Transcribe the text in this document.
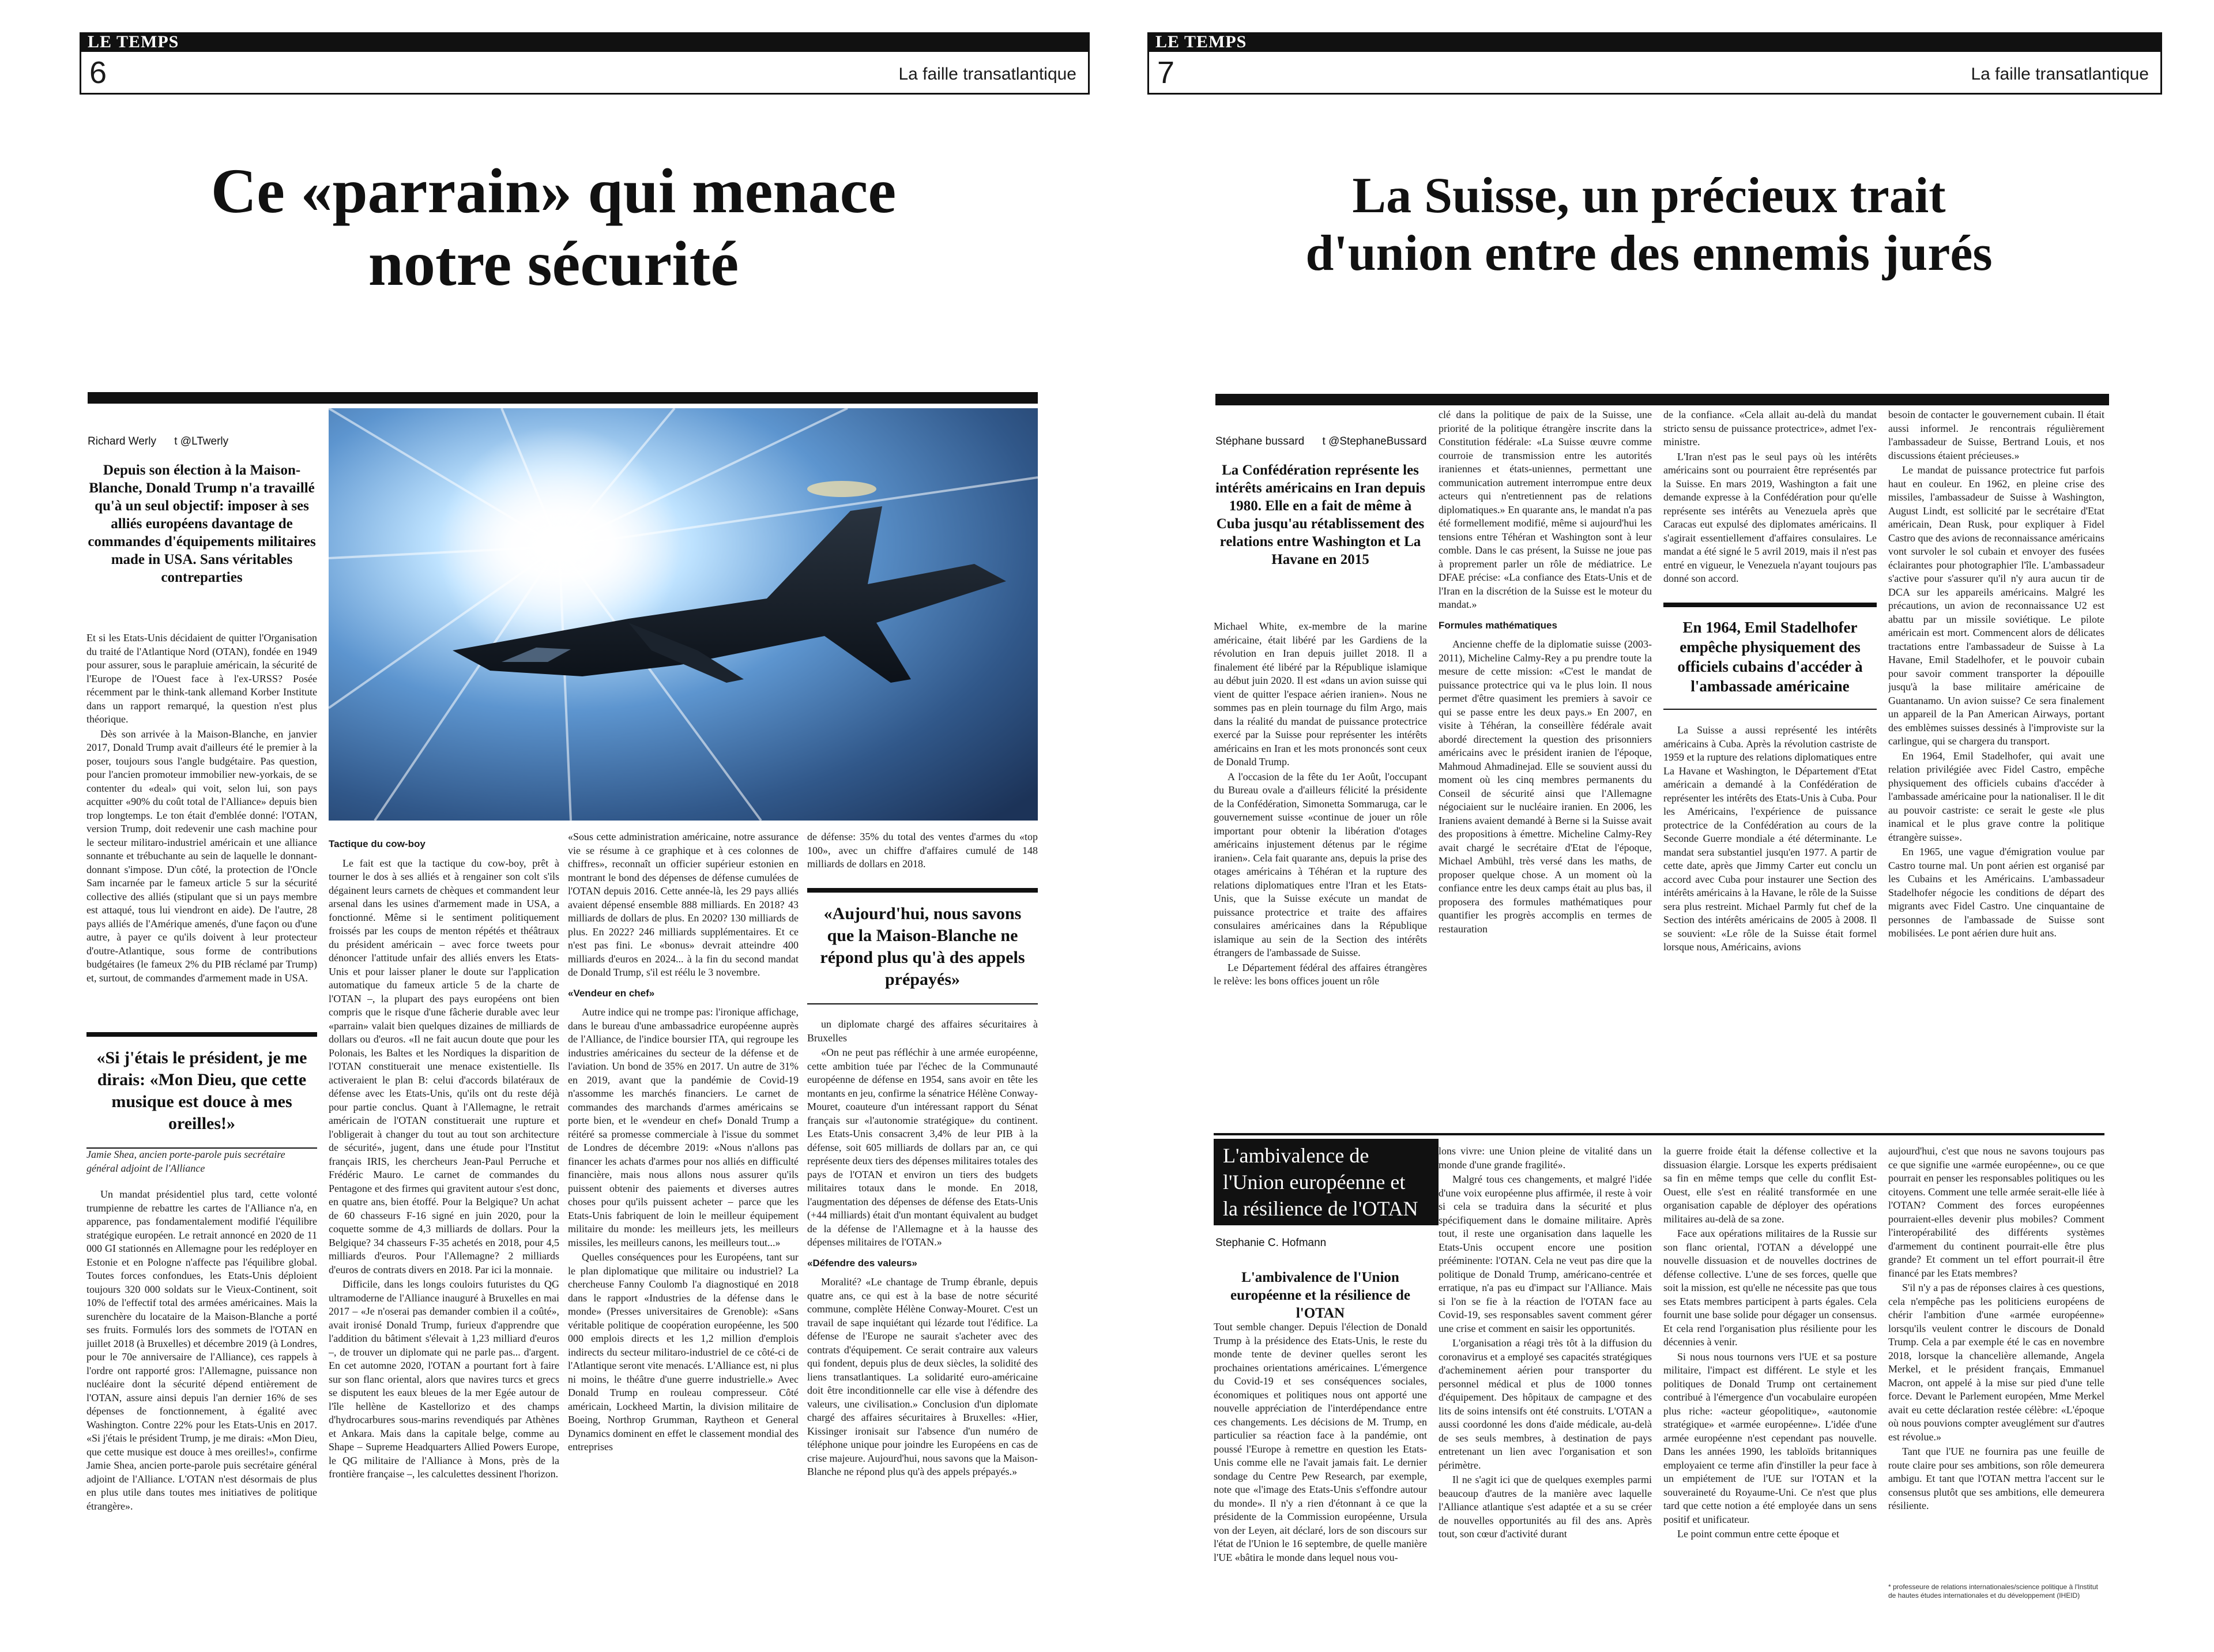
LE TEMPS
6	La faille transatlantique
Ce «parrain» qui menace
notre sécurité
Richard Werly t @LTwerly
Depuis son élection à la Maison-Blanche, Donald Trump n'a travaillé qu'à un seul objectif: imposer à ses alliés européens davantage de commandes d'équipements militaires made in USA. Sans véritables contreparties

Et si les Etats-Unis décidaient de quitter l'Organisation du traité de l'Atlantique Nord (OTAN), fondée en 1949 pour assurer, sous le parapluie américain, la sécurité de l'Europe de l'Ouest face à l'ex-URSS? Posée récemment par le think-tank allemand Korber Institute dans un rapport remarqué, la question n'est plus théorique.

Dès son arrivée à la Maison-Blanche, en janvier 2017, Donald Trump avait d'ailleurs été le premier à la poser, toujours sous l'angle budgétaire. Pas question, pour l'ancien promoteur immobilier new-yorkais, de se contenter du «deal» qui voit, selon lui, son pays acquitter «90% du coût total de l'Alliance» depuis bien trop longtemps. Le ton était d'emblée donné: l'OTAN, version Trump, doit redevenir une cash machine pour le secteur militaro-industriel américain et une alliance sonnante et trébuchante au sein de laquelle le donnant-donnant s'impose. D'un côté, la protection de l'Oncle Sam incarnée par le fameux article 5 sur la sécurité collective des alliés (stipulant que si un pays membre est attaqué, tous lui viendront en aide). De l'autre, 28 pays alliés de l'Amérique amenés, d'une façon ou d'une autre, à payer ce qu'ils doivent à leur protecteur d'outre-Atlantique, sous forme de contributions budgétaires (le fameux 2% du PIB réclamé par Trump) et, surtout, de commandes d'armement made in USA.

«Si j'étais le président, je me dirais: «Mon Dieu, que cette musique est douce à mes oreilles!»
Jamie Shea, ancien porte-parole puis secrétaire général adjoint de l'Alliance

Un mandat présidentiel plus tard, cette volonté trumpienne de rebattre les cartes de l'Alliance n'a, en apparence, pas fondamentalement modifié l'équilibre stratégique européen. Le retrait annoncé en 2020 de 11 000 GI stationnés en Allemagne pour les redéployer en Estonie et en Pologne n'affecte pas l'équilibre global. Toutes forces confondues, les Etats-Unis déploient toujours 320 000 soldats sur le Vieux-Continent, soit 10% de l'effectif total des armées américaines. Mais la surenchère du locataire de la Maison-Blanche a porté ses fruits. Formulés lors des sommets de l'OTAN en juillet 2018 (à Bruxelles) et décembre 2019 (à Londres, pour le 70e anniversaire de l'Alliance), ces rappels à l'ordre ont rapporté gros: l'Allemagne, puissance non nucléaire dont la sécurité dépend entièrement de l'OTAN, assure ainsi depuis l'an dernier 16% de ses dépenses de fonctionnement, à égalité avec Washington. Contre 22% pour les Etats-Unis en 2017. «Si j'étais le président Trump, je me dirais: «Mon Dieu, que cette musique est douce à mes oreilles!», confirme Jamie Shea, ancien porte-parole puis secrétaire général adjoint de l'Alliance. L'OTAN n'est désormais de plus en plus utile dans toutes mes initiatives de politique étrangère».

Tactique du cow-boy

Le fait est que la tactique du cow-boy, prêt à tourner le dos à ses alliés et à rengainer son colt s'ils dégainent leurs carnets de chèques et commandent leur arsenal dans les usines d'armement made in USA, a fonctionné. Même si le sentiment politiquement froissés par les coups de menton répétés et théâtraux du président américain – avec force tweets pour dénoncer l'attitude unfair des alliés envers les Etats-Unis et pour laisser planer le doute sur l'application automatique du fameux article 5 de la charte de l'OTAN –, la plupart des pays européens ont bien compris que le risque d'une fâcherie durable avec leur «parrain» valait bien quelques dizaines de milliards de dollars ou d'euros. «Il ne fait aucun doute que pour les Polonais, les Baltes et les Nordiques la disparition de l'OTAN constituerait une menace existentielle. Ils activeraient le plan B: celui d'accords bilatéraux de défense avec les Etats-Unis, qu'ils ont du reste déjà pour partie conclus. Quant à l'Allemagne, le retrait américain de l'OTAN constituerait une rupture et l'obligerait à changer du tout au tout son architecture de sécurité», jugent, dans une étude pour l'Institut français IRIS, les chercheurs Jean-Paul Perruche et Frédéric Mauro. Le carnet de commandes du Pentagone et des firmes qui gravitent autour s'est donc, en quatre ans, bien étoffé. Pour la Belgique? Un achat de 60 chasseurs F-16 signé en juin 2020, pour la coquette somme de 4,3 milliards de dollars. Pour la Belgique? 34 chasseurs F-35 achetés en 2018, pour 4,5 milliards d'euros. Pour l'Allemagne? 2 milliards d'euros de contrats divers en 2018. Par ici la monnaie.

Difficile, dans les longs couloirs futuristes du QG ultramoderne de l'Alliance inauguré à Bruxelles en mai 2017 – «Je n'oserai pas demander combien il a coûté», avait ironisé Donald Trump, furieux d'apprendre que l'addition du bâtiment s'élevait à 1,23 milliard d'euros –, de trouver un diplomate qui ne parle pas... d'argent. En cet automne 2020, l'OTAN a pourtant fort à faire sur son flanc oriental, alors que navires turcs et grecs se disputent les eaux bleues de la mer Egée autour de l'île hellène de Kastellorizo et des champs d'hydrocarbures sous-marins revendiqués par Athènes et Ankara. Mais dans la capitale belge, comme au Shape – Supreme Headquarters Allied Powers Europe, le QG militaire de l'Alliance à Mons, près de la frontière française –, les calculettes dessinent l'horizon.

«Sous cette administration américaine, notre assurance vie se résume à ce graphique et à ces colonnes de chiffres», reconnaît un officier supérieur estonien en montrant le bond des dépenses de défense cumulées de l'OTAN depuis 2016. Cette année-là, les 29 pays alliés avaient dépensé ensemble 888 milliards. En 2018? 43 milliards de dollars de plus. En 2020? 130 milliards de plus. En 2022? 246 milliards supplémentaires. Et ce n'est pas fini. Le «bonus» devrait atteindre 400 milliards d'euros en 2024... à la fin du second mandat de Donald Trump, s'il est réélu le 3 novembre.

«Vendeur en chef»

Autre indice qui ne trompe pas: l'ironique affichage, dans le bureau d'une ambassadrice européenne auprès de l'Alliance, de l'indice boursier ITA, qui regroupe les industries américaines du secteur de la défense et de l'aviation. Un bond de 35% en 2017. Un autre de 31% en 2019, avant que la pandémie de Covid-19 n'assomme les marchés financiers. Le carnet de commandes des marchands d'armes américains se porte bien, et le «vendeur en chef» Donald Trump a réitéré sa promesse commerciale à l'issue du sommet de Londres de décembre 2019: «Nous n'allons pas financer les achats d'armes pour nos alliés en difficulté financière, mais nous allons nous assurer qu'ils puissent obtenir des paiements et diverses autres choses pour qu'ils puissent acheter – parce que les Etats-Unis fabriquent de loin le meilleur équipement militaire du monde: les meilleurs jets, les meilleurs missiles, les meilleurs canons, les meilleurs tout...»

Quelles conséquences pour les Européens, tant sur le plan diplomatique que militaire ou industriel? La chercheuse Fanny Coulomb l'a diagnostiqué en 2018 dans le rapport «Industries de la défense dans le monde» (Presses universitaires de Grenoble): «Sans véritable politique de coopération européenne, les 500 000 emplois directs et les 1,2 million d'emplois indirects du secteur militaro-industriel de ce côté-ci de l'Atlantique seront vite menacés. L'Alliance est, ni plus ni moins, le théâtre d'une guerre industrielle.» Avec Donald Trump en rouleau compresseur. Côté américain, Lockheed Martin, la division militaire de Boeing, Northrop Grumman, Raytheon et General Dynamics dominent en effet le classement mondial des entreprises

de défense: 35% du total des ventes d'armes du «top 100», avec un chiffre d'affaires cumulé de 148 milliards de dollars en 2018.

«Aujourd'hui, nous savons que la Maison-Blanche ne répond plus qu'à des appels prépayés»

un diplomate chargé des affaires sécuritaires à Bruxelles

«On ne peut pas réfléchir à une armée européenne, cette ambition tuée par l'échec de la Communauté européenne de défense en 1954, sans avoir en tête les montants en jeu, confirme la sénatrice Hélène Conway-Mouret, coauteure d'un intéressant rapport du Sénat français sur «l'autonomie stratégique» du continent. Les Etats-Unis consacrent 3,4% de leur PIB à la défense, soit 605 milliards de dollars par an, ce qui représente deux tiers des dépenses militaires totales des pays de l'OTAN et environ un tiers des budgets militaires totaux dans le monde. En 2018, l'augmentation des dépenses de défense des Etats-Unis (+44 milliards) était d'un montant équivalent au budget de la défense de l'Allemagne et à la hausse des dépenses militaires de l'OTAN.»

«Défendre des valeurs»

Moralité? «Le chantage de Trump ébranle, depuis quatre ans, ce qui est à la base de notre sécurité commune, complète Hélène Conway-Mouret. C'est un travail de sape inquiétant qui lézarde tout l'édifice. La défense de l'Europe ne saurait s'acheter avec des contrats d'équipement. Ce serait contraire aux valeurs qui fondent, depuis plus de deux siècles, la solidité des liens transatlantiques. La solidarité euro-américaine doit être inconditionnelle car elle vise à défendre des valeurs, une civilisation.» Conclusion d'un diplomate chargé des affaires sécuritaires à Bruxelles: «Hier, Kissinger ironisait sur l'absence d'un numéro de téléphone unique pour joindre les Européens en cas de crise majeure. Aujourd'hui, nous savons que la Maison-Blanche ne répond plus qu'à des appels prépayés.»

LE TEMPS
7	La faille transatlantique
La Suisse, un précieux trait
d'union entre des ennemis jurés
Stéphane bussard t @StephaneBussard
La Confédération représente les intérêts américains en Iran depuis 1980. Elle en a fait de même à Cuba jusqu'au rétablissement des relations entre Washington et La Havane en 2015

Michael White, ex-membre de la marine américaine, était libéré par les Gardiens de la révolution en Iran depuis juillet 2018. Il a finalement été libéré par la République islamique au début juin 2020. Il est «dans un avion suisse qui vient de quitter l'espace aérien iranien». Nous ne sommes pas en plein tournage du film Argo, mais dans la réalité du mandat de puissance protectrice exercé par la Suisse pour représenter les intérêts américains en Iran et les mots prononcés sont ceux de Donald Trump.

A l'occasion de la fête du 1er Août, l'occupant du Bureau ovale a d'ailleurs félicité la présidente de la Confédération, Simonetta Sommaruga, car le gouvernement suisse «continue de jouer un rôle important pour obtenir la libération d'otages américains injustement détenus par le régime iranien». Cela fait quarante ans, depuis la prise des otages américains à Téhéran et la rupture des relations diplomatiques entre l'Iran et les Etats-Unis, que la Suisse exécute un mandat de puissance protectrice et traite des affaires consulaires américaines dans la République islamique au sein de la Section des intérêts étrangers de l'ambassade de Suisse.

Le Département fédéral des affaires étrangères le relève: les bons offices jouent un rôle

clé dans la politique de paix de la Suisse, une priorité de la politique étrangère inscrite dans la Constitution fédérale: «La Suisse œuvre comme courroie de transmission entre les autorités iraniennes et états-uniennes, permettant une communication autrement interrompue entre deux acteurs qui n'entretiennent pas de relations diplomatiques.» En quarante ans, le mandat n'a pas été formellement modifié, même si aujourd'hui les tensions entre Téhéran et Washington sont à leur comble. Dans le cas présent, la Suisse ne joue pas à proprement parler un rôle de médiatrice. Le DFAE précise: «La confiance des Etats-Unis et de l'Iran en la discrétion de la Suisse est le moteur du mandat.»

Formules mathématiques

Ancienne cheffe de la diplomatie suisse (2003-2011), Micheline Calmy-Rey a pu prendre toute la mesure de cette mission: «C'est le mandat de puissance protectrice qui va le plus loin. Il nous permet d'être quasiment les premiers à savoir ce qui se passe entre les deux pays.» En 2007, en visite à Téhéran, la conseillère fédérale avait abordé directement la question des prisonniers américains avec le président iranien de l'époque, Mahmoud Ahmadinejad. Elle se souvient aussi du moment où les cinq membres permanents du Conseil de sécurité ainsi que l'Allemagne négociaient sur le nucléaire iranien. En 2006, les Iraniens avaient demandé à Berne si la Suisse avait des propositions à émettre. Micheline Calmy-Rey avait chargé le secrétaire d'Etat de l'époque, Michael Ambühl, très versé dans les maths, de proposer quelque chose. A un moment où la confiance entre les deux camps était au plus bas, il proposera des formules mathématiques pour quantifier les progrès accomplis en termes de restauration

de la confiance. «Cela allait au-delà du mandat stricto sensu de puissance protectrice», admet l'ex-ministre.

L'Iran n'est pas le seul pays où les intérêts américains sont ou pourraient être représentés par la Suisse. En mars 2019, Washington a fait une demande expresse à la Confédération pour qu'elle représente ses intérêts au Venezuela après que Caracas eut expulsé des diplomates américains. Il s'agirait essentiellement d'affaires consulaires. Le mandat a été signé le 5 avril 2019, mais il n'est pas entré en vigueur, le Venezuela n'ayant toujours pas donné son accord.

En 1964, Emil Stadelhofer empêche physiquement des officiels cubains d'accéder à l'ambassade américaine

La Suisse a aussi représenté les intérêts américains à Cuba. Après la révolution castriste de 1959 et la rupture des relations diplomatiques entre La Havane et Washington, le Département d'Etat américain a demandé à la Confédération de représenter les intérêts des Etats-Unis à Cuba. Pour les Américains, l'expérience de puissance protectrice de la Confédération au cours de la Seconde Guerre mondiale a été déterminante. Le mandat sera substantiel jusqu'en 1977. A partir de cette date, après que Jimmy Carter eut conclu un accord avec Cuba pour instaurer une Section des intérêts américains à la Havane, le rôle de la Suisse sera plus restreint. Michael Parmly fut chef de la Section des intérêts américains de 2005 à 2008. Il se souvient: «Le rôle de la Suisse était formel lorsque nous, Américains, avions

besoin de contacter le gouvernement cubain. Il était aussi informel. Je rencontrais régulièrement l'ambassadeur de Suisse, Bertrand Louis, et nos discussions étaient précieuses.»

Le mandat de puissance protectrice fut parfois haut en couleur. En 1962, en pleine crise des missiles, l'ambassadeur de Suisse à Washington, August Lindt, est sollicité par le secrétaire d'Etat américain, Dean Rusk, pour expliquer à Fidel Castro que des avions de reconnaissance américains vont survoler le sol cubain et envoyer des fusées éclairantes pour photographier l'île. L'ambassadeur s'active pour s'assurer qu'il n'y aura aucun tir de DCA sur les appareils américains. Malgré les précautions, un avion de reconnaissance U2 est abattu par un missile soviétique. Le pilote américain est mort. Commencent alors de délicates tractations entre l'ambassadeur de Suisse à La Havane, Emil Stadelhofer, et le pouvoir cubain pour savoir comment transporter la dépouille jusqu'à la base militaire américaine de Guantanamo. Un avion suisse? Ce sera finalement un appareil de la Pan American Airways, portant des emblèmes suisses dessinés à l'improviste sur la carlingue, qui se chargera du transport.

En 1964, Emil Stadelhofer, qui avait une relation privilégiée avec Fidel Castro, empêche physiquement des officiels cubains d'accéder à l'ambassade américaine pour la nationaliser. Il le dit au pouvoir castriste: ce serait le geste «le plus inamical et le plus grave contre la politique étrangère suisse».

En 1965, une vague d'émigration voulue par Castro tourne mal. Un pont aérien est organisé par les Cubains et les Américains. L'ambassadeur Stadelhofer négocie les conditions de départ des migrants avec Fidel Castro. Une cinquantaine de personnes de l'ambassade de Suisse sont mobilisées. Le pont aérien dure huit ans.

L'ambivalence de
l'Union européenne et
la résilience de l'OTAN
Stephanie C. Hofmann
L'ambivalence de l'Union européenne et la résilience de l'OTAN

Tout semble changer. Depuis l'élection de Donald Trump à la présidence des Etats-Unis, le reste du monde tente de deviner quelles seront les prochaines orientations américaines. L'émergence du Covid-19 et ses conséquences sociales, économiques et politiques nous ont apporté une nouvelle appréciation de l'interdépendance entre ces changements. Les décisions de M. Trump, en particulier sa réaction face à la pandémie, ont poussé l'Europe à remettre en question les Etats-Unis comme elle ne l'avait jamais fait. Le dernier sondage du Centre Pew Research, par exemple, note que «l'image des Etats-Unis s'effondre autour du monde». Il n'y a rien d'étonnant à ce que la présidente de la Commission européenne, Ursula von der Leyen, ait déclaré, lors de son discours sur l'état de l'Union le 16 septembre, de quelle manière l'UE «bâtira le monde dans lequel nous vou-

lons vivre: une Union pleine de vitalité dans un monde d'une grande fragilité».

Malgré tous ces changements, et malgré l'idée d'une voix européenne plus affirmée, il reste à voir si cela se traduira dans la sécurité et plus spécifiquement dans le domaine militaire. Après tout, il reste une organisation dans laquelle les Etats-Unis occupent encore une position prééminente: l'OTAN. Cela ne veut pas dire que la politique de Donald Trump, américano-centrée et erratique, n'a pas eu d'impact sur l'Alliance. Mais si l'on se fie à la réaction de l'OTAN face au Covid-19, ses responsables savent comment gérer une crise et comment en saisir les opportunités.

L'organisation a réagi très tôt à la diffusion du coronavirus et a employé ses capacités stratégiques d'acheminement aérien pour transporter du personnel médical et plus de 1000 tonnes d'équipement. Des hôpitaux de campagne et des lits de soins intensifs ont été construits. L'OTAN a aussi coordonné les dons d'aide médicale, au-delà de ses seuls membres, à destination de pays entretenant un lien avec l'organisation et son périmètre.

Il ne s'agit ici que de quelques exemples parmi beaucoup d'autres de la manière avec laquelle l'Alliance atlantique s'est adaptée et a su se créer de nouvelles opportunités au fil des ans. Après tout, son cœur d'activité durant

la guerre froide était la défense collective et la dissuasion élargie. Lorsque les experts prédisaient sa fin en même temps que celle du conflit Est-Ouest, elle s'est en réalité transformée en une organisation capable de déployer des opérations militaires au-delà de sa zone.

Face aux opérations militaires de la Russie sur son flanc oriental, l'OTAN a développé une nouvelle dissuasion et de nouvelles doctrines de défense collective. L'une de ses forces, quelle que soit la mission, est qu'elle ne nécessite pas que tous ses Etats membres participent à parts égales. Cela fournit une base solide pour dégager un consensus. Et cela rend l'organisation plus résiliente pour les décennies à venir.

Si nous nous tournons vers l'UE et sa posture militaire, l'impact est différent. Le style et les politiques de Donald Trump ont certainement contribué à l'émergence d'un vocabulaire européen plus riche: «acteur géopolitique», «autonomie stratégique» et «armée européenne». L'idée d'une armée européenne n'est cependant pas nouvelle. Dans les années 1990, les tabloïds britanniques employaient ce terme afin d'instiller la peur face à un empiétement de l'UE sur l'OTAN et la souveraineté du Royaume-Uni. Ce n'est que plus tard que cette notion a été employée dans un sens positif et unificateur.

Le point commun entre cette époque et

aujourd'hui, c'est que nous ne savons toujours pas ce que signifie une «armée européenne», ou ce que pourrait en penser les responsables politiques ou les citoyens. Comment une telle armée serait-elle liée à l'OTAN? Comment des forces européennes pourraient-elles devenir plus mobiles? Comment l'interopérabilité des différents systèmes d'armement du continent pourrait-elle être plus grande? Et comment un tel effort pourrait-il être financé par les Etats membres?

S'il n'y a pas de réponses claires à ces questions, cela n'empêche pas les politiciens européens de chérir l'ambition d'une «armée européenne» lorsqu'ils veulent contrer le discours de Donald Trump. Cela a par exemple été le cas en novembre 2018, lorsque la chancelière allemande, Angela Merkel, et le président français, Emmanuel Macron, ont appelé à la mise sur pied d'une telle force. Devant le Parlement européen, Mme Merkel avait eu cette déclaration restée célèbre: «L'époque où nous pouvions compter aveuglément sur d'autres est révolue.»

Tant que l'UE ne fournira pas une feuille de route claire pour ses ambitions, son rôle demeurera ambigu. Et tant que l'OTAN mettra l'accent sur le consensus plutôt que ses ambitions, elle demeurera résiliente.

* professeure de relations internationales/science politique à l'Institut de hautes études internationales et du développement (IHEID)
